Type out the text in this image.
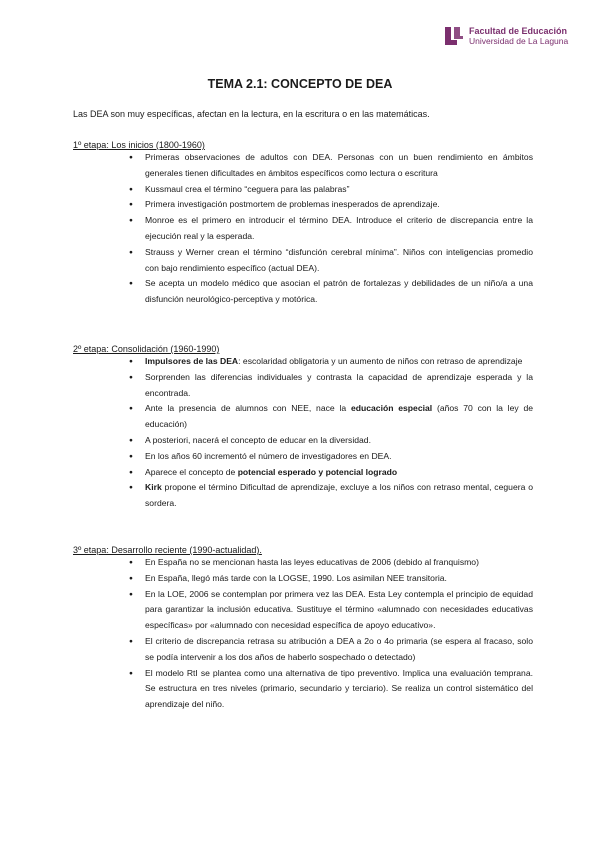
Facultad de Educación
Universidad de La Laguna
TEMA 2.1: CONCEPTO DE DEA
Las DEA son muy específicas, afectan en la lectura, en la escritura o en las matemáticas.
1º etapa: Los inicios (1800-1960)
● Primeras observaciones de adultos con DEA. Personas con un buen rendimiento en ámbitos generales tienen dificultades en ámbitos específicos como lectura o escritura
● Kussmaul crea el término “ceguera para las palabras”
● Primera investigación postmortem de problemas inesperados de aprendizaje.
● Monroe es el primero en introducir el término DEA. Introduce el criterio de discrepancia entre la ejecución real y la esperada.
● Strauss y Werner crean el término “disfunción cerebral mínima”. Niños con inteligencias promedio con bajo rendimiento específico (actual DEA).
● Se acepta un modelo médico que asocian el patrón de fortalezas y debilidades de un niño/a a una disfunción neurológico-perceptiva y motórica.
2º etapa: Consolidación (1960-1990)
● Impulsores de las DEA: escolaridad obligatoria y un aumento de niños con retraso de aprendizaje
● Sorprenden las diferencias individuales y contrasta la capacidad de aprendizaje esperada y la encontrada.
● Ante la presencia de alumnos con NEE, nace la educación especial (años 70 con la ley de educación)
● A posteriori, nacerá el concepto de educar en la diversidad.
● En los años 60 incrementó el número de investigadores en DEA.
● Aparece el concepto de potencial esperado y potencial logrado
● Kirk propone el término Dificultad de aprendizaje, excluye a los niños con retraso mental, ceguera o sordera.
3º etapa: Desarrollo reciente (1990-actualidad).
● En España no se mencionan hasta las leyes educativas de 2006 (debido al franquismo)
● En España, llegó más tarde con la LOGSE, 1990. Los asimilan NEE transitoria.
● En la LOE, 2006 se contemplan por primera vez las DEA. Esta Ley contempla el principio de equidad para garantizar la inclusión educativa. Sustituye el término «alumnado con necesidades educativas específicas» por «alumnado con necesidad específica de apoyo educativo».
● El criterio de discrepancia retrasa su atribución a DEA a 2o o 4o primaria (se espera al fracaso, solo se podía intervenir a los dos años de haberlo sospechado o detectado)
● El modelo RtI se plantea como una alternativa de tipo preventivo. Implica una evaluación temprana. Se estructura en tres niveles (primario, secundario y terciario). Se realiza un control sistemático del aprendizaje del niño.
